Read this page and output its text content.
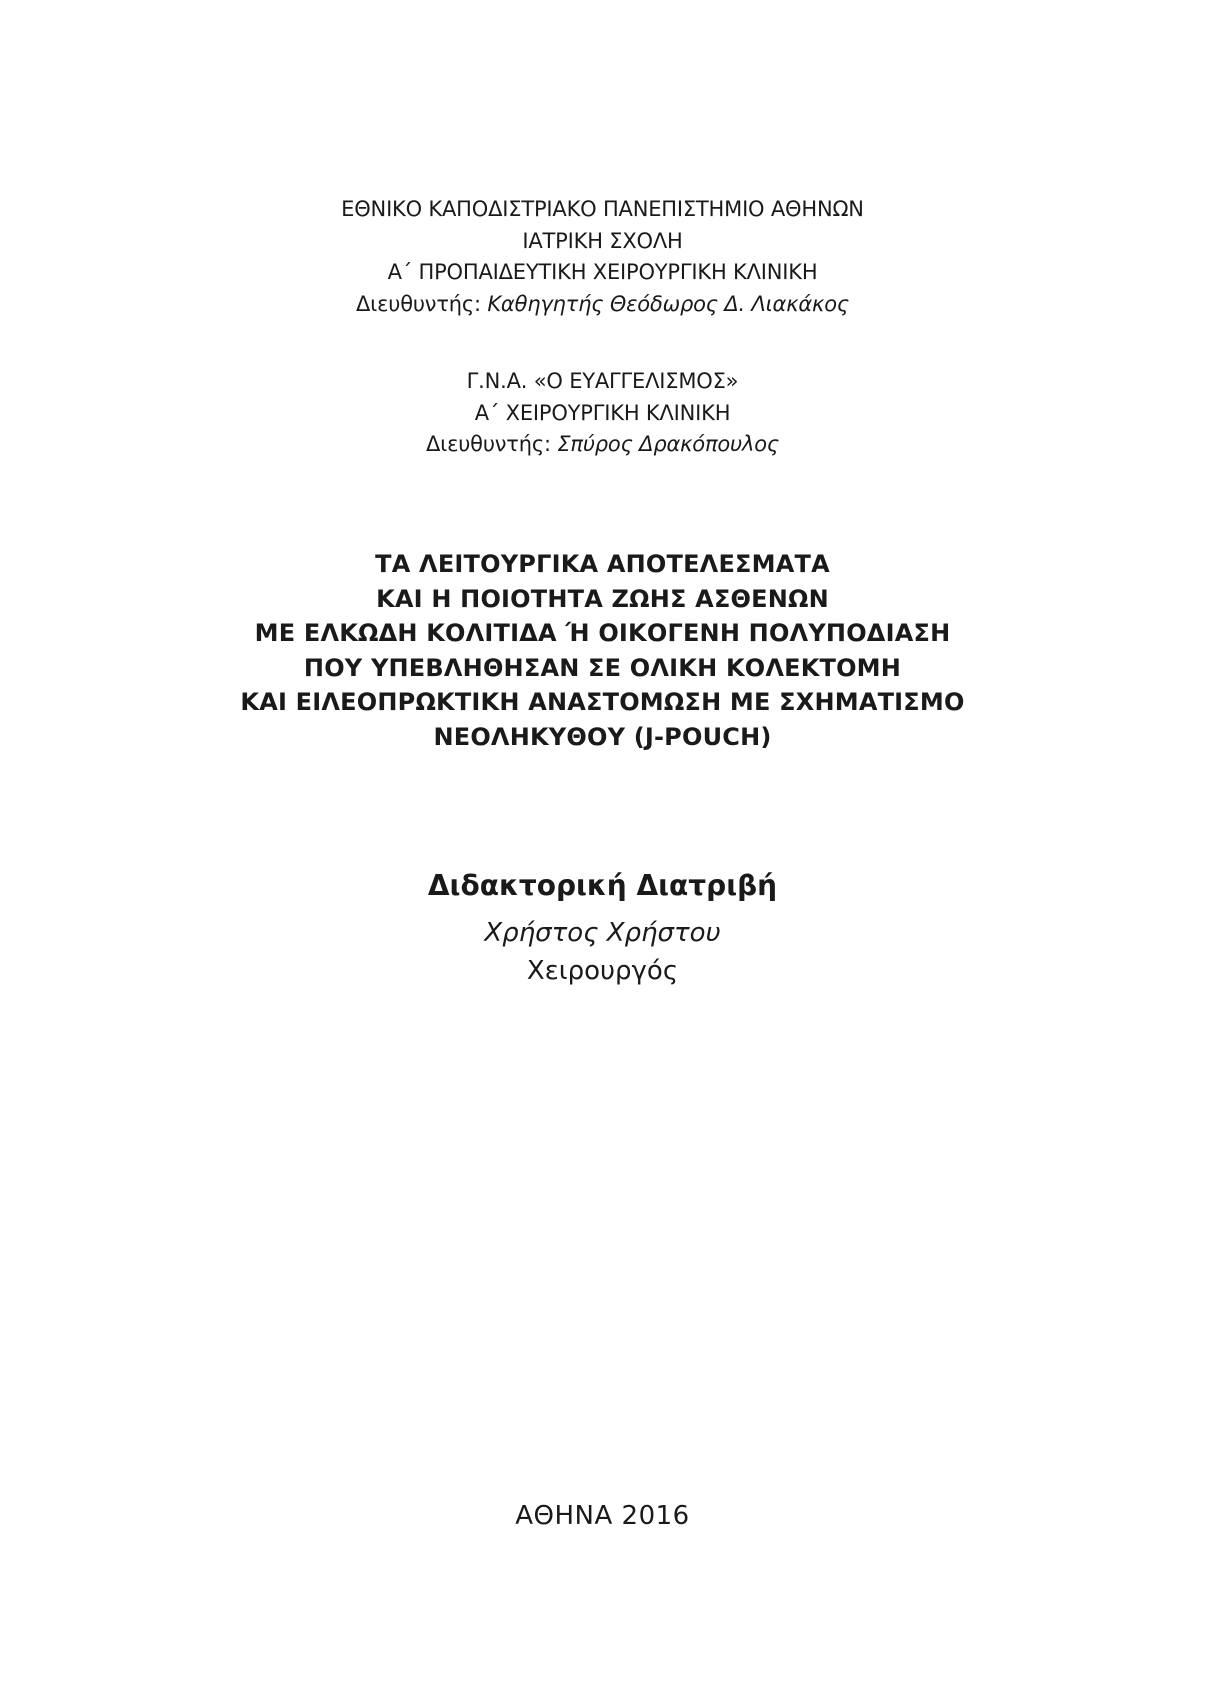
ΕΘΝΙΚΟ ΚΑΠΟΔΙΣΤΡΙΑΚΟ ΠΑΝΕΠΙΣΤΗΜΙΟ ΑΘΗΝΩΝ
ΙΑΤΡΙΚΗ ΣΧΟΛΗ
Α΄ ΠΡΟΠΑΙΔΕΥΤΙΚΗ ΧΕΙΡΟΥΡΓΙΚΗ ΚΛΙΝΙΚΗ
Διευθυντής: Καθηγητής Θεόδωρος Δ. Λιακάκος
Γ.Ν.Α. «Ο ΕΥΑΓΓΕΛΙΣΜΟΣ»
Α΄ ΧΕΙΡΟΥΡΓΙΚΗ ΚΛΙΝΙΚΗ
Διευθυντής: Σπύρος Δρακόπουλος
ΤΑ ΛΕΙΤΟΥΡΓΙΚΑ ΑΠΟΤΕΛΕΣΜΑΤΑ
ΚΑΙ Η ΠΟΙΟΤΗΤΑ ΖΩΗΣ ΑΣΘΕΝΩΝ
ΜΕ ΕΛΚΩΔΗ ΚΟΛΙΤΙΔΑ Ή ΟΙΚΟΓΕΝΗ ΠΟΛΥΠΟΔΙΑΣΗ
ΠΟΥ ΥΠΕΒΛΗΘΗΣΑΝ ΣΕ ΟΛΙΚΗ ΚΟΛΕΚΤΟΜΗ
ΚΑΙ ΕΙΛΕΟΠΡΩΚΤΙΚΗ ΑΝΑΣΤΟΜΩΣΗ ΜΕ ΣΧΗΜΑΤΙΣΜΟ
ΝΕΟΛΗΚΥΘΟΥ (J-POUCH)
Διδακτορική Διατριβή
Χρήστος Χρήστου
Χειρουργός
ΑΘΗΝΑ 2016
